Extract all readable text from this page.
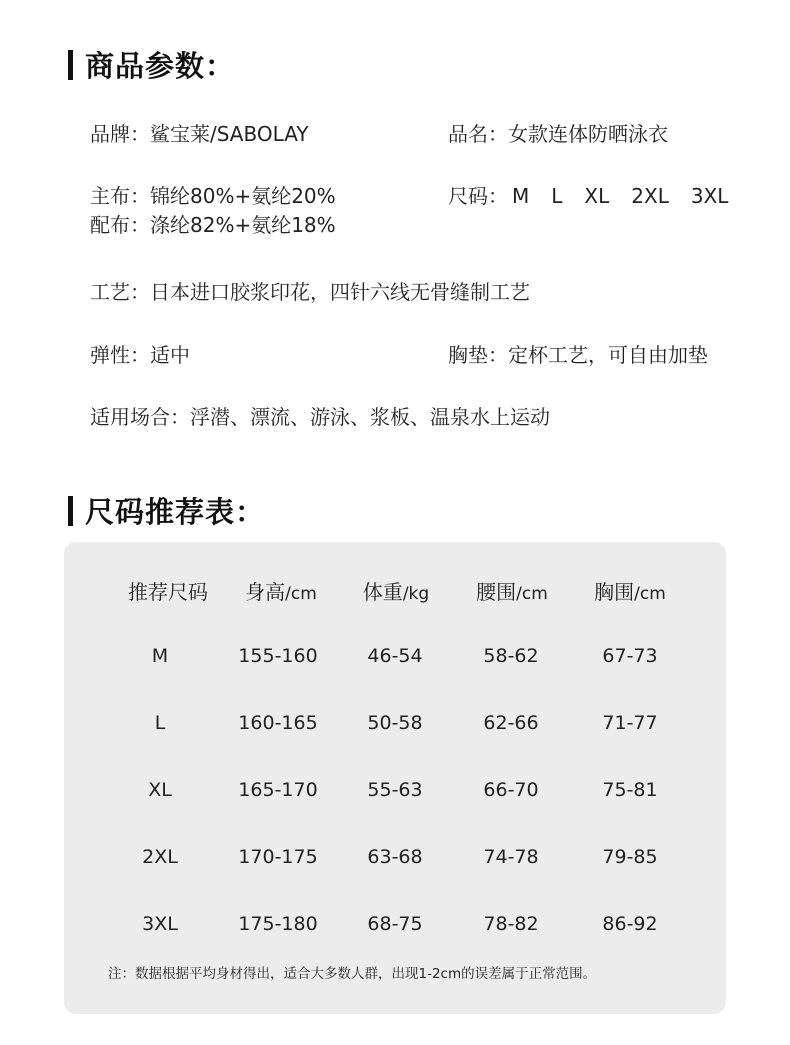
商品参数：
品牌：鲨宝莱/SABOLAY	品名：女款连体防晒泳衣
主布：锦纶80%+氨纶20%	尺码： M L XL 2XL 3XL
配布：涤纶82%+氨纶18%
工艺：日本进口胶浆印花，四针六线无骨缝制工艺
弹性：适中	胸垫：定杯工艺，可自由加垫
适用场合：浮潜、漂流、游泳、浆板、温泉水上运动
尺码推荐表：
推荐尺码 身高/cm 体重/kg 腰围/cm 胸围/cm
M	155-160	46-54	58-62	67-73
L	160-165	50-58	62-66	71-77
XL	165-170	55-63	66-70	75-81
2XL	170-175	63-68	74-78	79-85
3XL	175-180	68-75	78-82	86-92
注：数据根据平均身材得出，适合大多数人群，出现1-2cm的误差属于正常范围。
